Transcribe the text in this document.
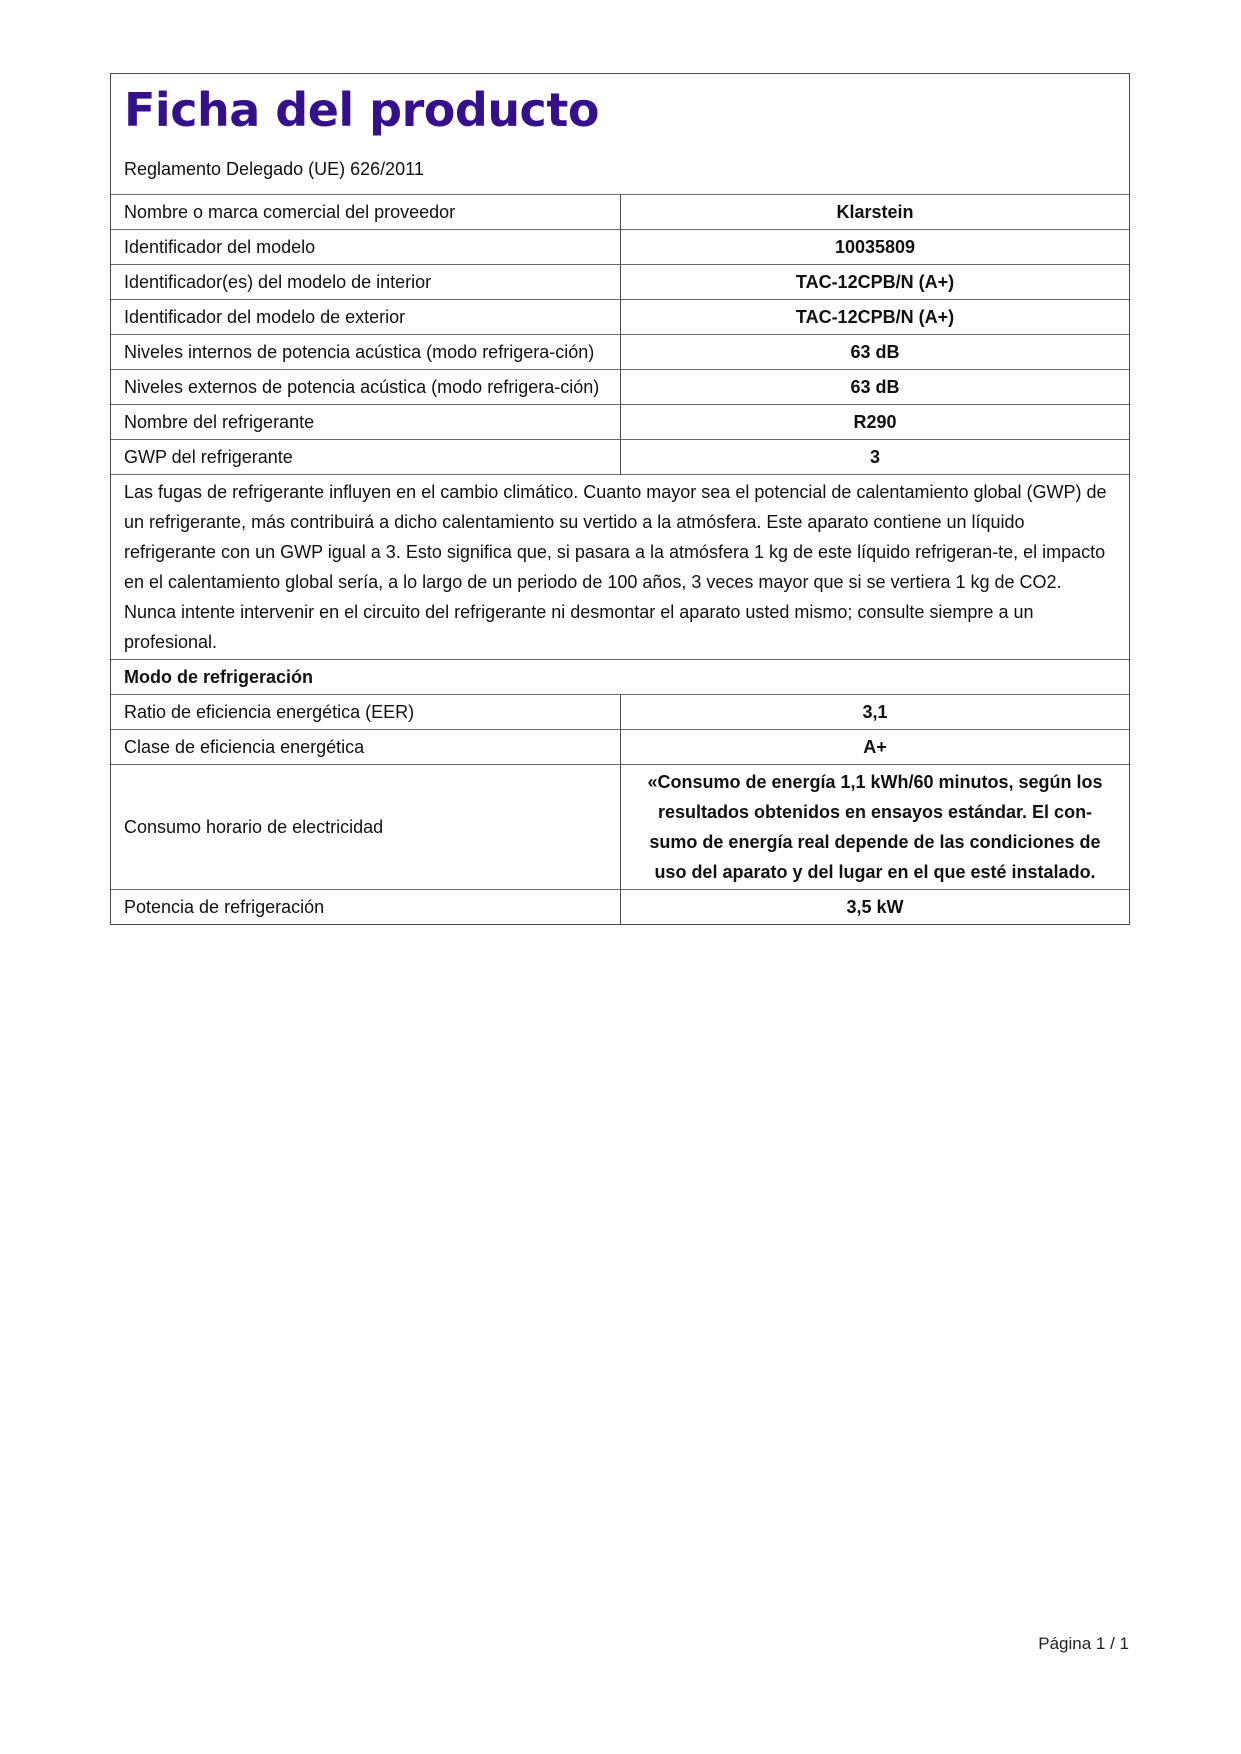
Ficha del producto
Reglamento Delegado (UE) 626/2011
Nombre o marca comercial del proveedor	Klarstein
Identificador del modelo	10035809
Identificador(es) del modelo de interior	TAC-12CPB/N (A+)
Identificador del modelo de exterior	TAC-12CPB/N (A+)
Niveles internos de potencia acústica (modo refrigera-ción)	63 dB
Niveles externos de potencia acústica (modo refrigera-ción)	63 dB
Nombre del refrigerante	R290
GWP del refrigerante	3
Las fugas de refrigerante influyen en el cambio climático. Cuanto mayor sea el potencial de calentamiento global (GWP) de un refrigerante, más contribuirá a dicho calentamiento su vertido a la atmósfera. Este aparato contiene un líquido refrigerante con un GWP igual a 3. Esto significa que, si pasara a la atmósfera 1 kg de este líquido refrigeran-te, el impacto en el calentamiento global sería, a lo largo de un periodo de 100 años, 3 veces mayor que si se vertiera 1 kg de CO2. Nunca intente intervenir en el circuito del refrigerante ni desmontar el aparato usted mismo; consulte siempre a un profesional.	
Modo de refrigeración	
Ratio de eficiencia energética (EER)	3,1
Clase de eficiencia energética	A+
Consumo horario de electricidad	«Consumo de energía 1,1 kWh/60 minutos, según los resultados obtenidos en ensayos estándar. El con-sumo de energía real depende de las condiciones de uso del aparato y del lugar en el que esté instalado.
Potencia de refrigeración	3,5 kW
Página 1 / 1
